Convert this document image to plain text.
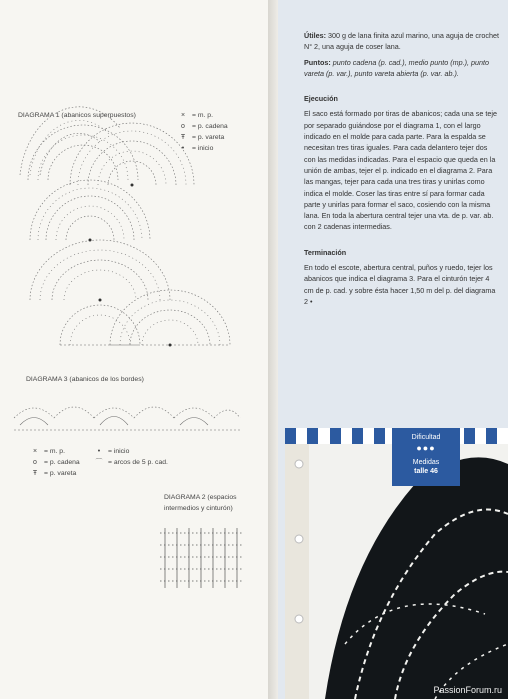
DIAGRAMA 1 (abanicos superpuestos)	×	= m. p.
o	= p. cadena
Ŧ	= p. vareta
•	= inicio
DIAGRAMA 3 (abanicos de los bordes)
×	= m. p.
o	= p. cadena
Ŧ	= p. vareta
•	= inicio
⌒ = arcos de 5 p. cad.
DIAGRAMA 2 (espacios
intermedios y cinturón)

Útiles: 300 g de lana finita azul marino, una aguja de crochet N° 2, una aguja de coser lana.

Puntos: punto cadena (p. cad.), medio punto (mp.), punto vareta (p. var.), punto vareta abierta (p. var. ab.).

Ejecución

El saco está formado por tiras de abanicos; cada una se teje por separado guiándose por el diagrama 1, con el largo indicado en el molde para cada parte. Para la espalda se necesitan tres tiras iguales. Para cada delantero tejer dos con las medidas indicadas. Para el espacio que queda en la unión de ambas, tejer el p. indicado en el diagrama 2. Para las mangas, tejer para cada una tres tiras y unirlas como indica el molde. Coser las tiras entre sí para formar cada parte y unirlas para formar el saco, cosiendo con la misma lana. En toda la abertura central tejer una vta. de p. var. ab. con 2 cadenas intermedias.

Terminación

En todo el escote, abertura central, puños y ruedo, tejer los abanicos que indica el diagrama 3. Para el cinturón tejer 4 cm de p. cad. y sobre ésta hacer 1,50 m del p. del diagrama 2 •

PassionForum.ru
Dificultad
●●●
Medidas
talle 46
